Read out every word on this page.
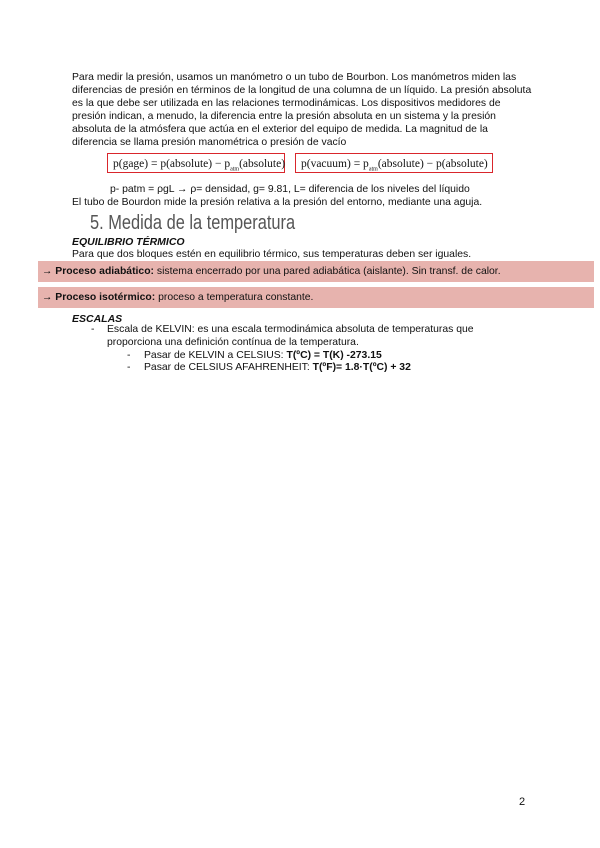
Para medir la presión, usamos un manómetro o un tubo de Bourbon. Los manómetros miden las diferencias de presión en términos de la longitud de una columna de un líquido. La presión absoluta es la que debe ser utilizada en las relaciones termodinámicas. Los dispositivos medidores de presión indican, a menudo, la diferencia entre la presión absoluta en un sistema y la presión absoluta de la atmósfera que actúa en el exterior del equipo de medida. La magnitud de la diferencia se llama presión manométrica o presión de vacío

p(gage) = p(absolute) − $p_{atm}(absolute)$	p(vacuum) = $p_{atm}(absolute)$ − p(absolute)
p- patm = ρgL → ρ= densidad, g= 9.81, L= diferencia de los niveles del líquido
El tubo de Bourdon mide la presión relativa a la presión del entorno, mediante una aguja.
5. Medida de la temperatura
EQUILIBRIO TÉRMICO
Para que dos bloques estén en equilibrio térmico, sus temperaturas deben ser iguales.
→ Proceso adiabático: sistema encerrado por una pared adiabática (aislante). Sin transf. de calor.
→ Proceso isotérmico: proceso a temperatura constante.
ESCALAS
- Escala de KELVIN: es una escala termodinámica absoluta de temperaturas que proporciona una definición contínua de la temperatura.
- Pasar de KELVIN a CELSIUS: T(ºC) = T(K) -273.15
- Pasar de CELSIUS AFAHRENHEIT: T(ºF)= 1.8·T(ºC) + 32
2
